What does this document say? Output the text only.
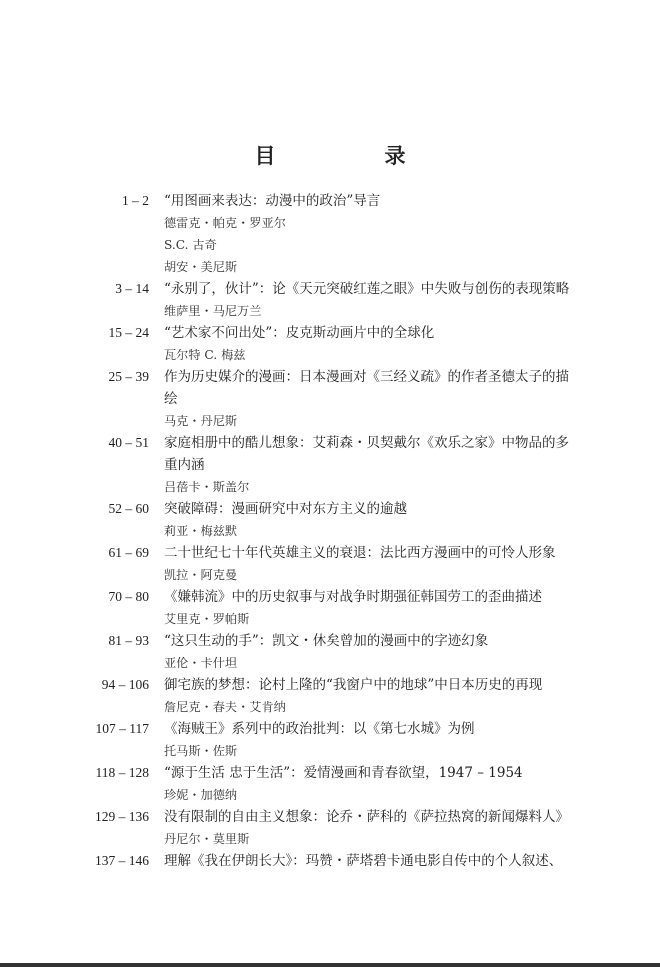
目　录
1 – 2 “用图画来表达：动漫中的政治”导言
德雷克・帕克・罗亚尔
S.C. 古奇
胡安・美尼斯
3 – 14 “永别了，伙计”：论《天元突破红莲之眼》中失败与创伤的表现策略
维萨里・马尼万兰
15 – 24 “艺术家不问出处”：皮克斯动画片中的全球化
瓦尔特 C. 梅兹
25 – 39 作为历史媒介的漫画：日本漫画对《三经义疏》的作者圣德太子的描绘
马克・丹尼斯
40 – 51 家庭相册中的酷儿想象：艾莉森・贝契戴尔《欢乐之家》中物品的多重内涵
吕蓓卡・斯盖尔
52 – 60 突破障碍：漫画研究中对东方主义的逾越
莉亚・梅兹默
61 – 69 二十世纪七十年代英雄主义的衰退：法比西方漫画中的可怜人形象
凯拉・阿克曼
70 – 80 《嫌韩流》中的历史叙事与对战争时期强征韩国劳工的歪曲描述
艾里克・罗帕斯
81 – 93 “这只生动的手”：凯文・休矣曾加的漫画中的字迹幻象
亚伦・卡什坦
94 – 106 御宅族的梦想：论村上隆的“我窗户中的地球”中日本历史的再现
詹尼克・春夫・艾肯纳
107 – 117 《海贼王》系列中的政治批判：以《第七水城》为例
托马斯・佐斯
118 – 128 “源于生活 忠于生活”：爱情漫画和青春欲望，1947 – 1954
珍妮・加德纳
129 – 136 没有限制的自由主义想象：论乔・萨科的《萨拉热窝的新闻爆料人》
丹尼尔・莫里斯
137 – 146 理解《我在伊朗长大》：玛赞・萨塔碧卡通电影自传中的个人叙述、
